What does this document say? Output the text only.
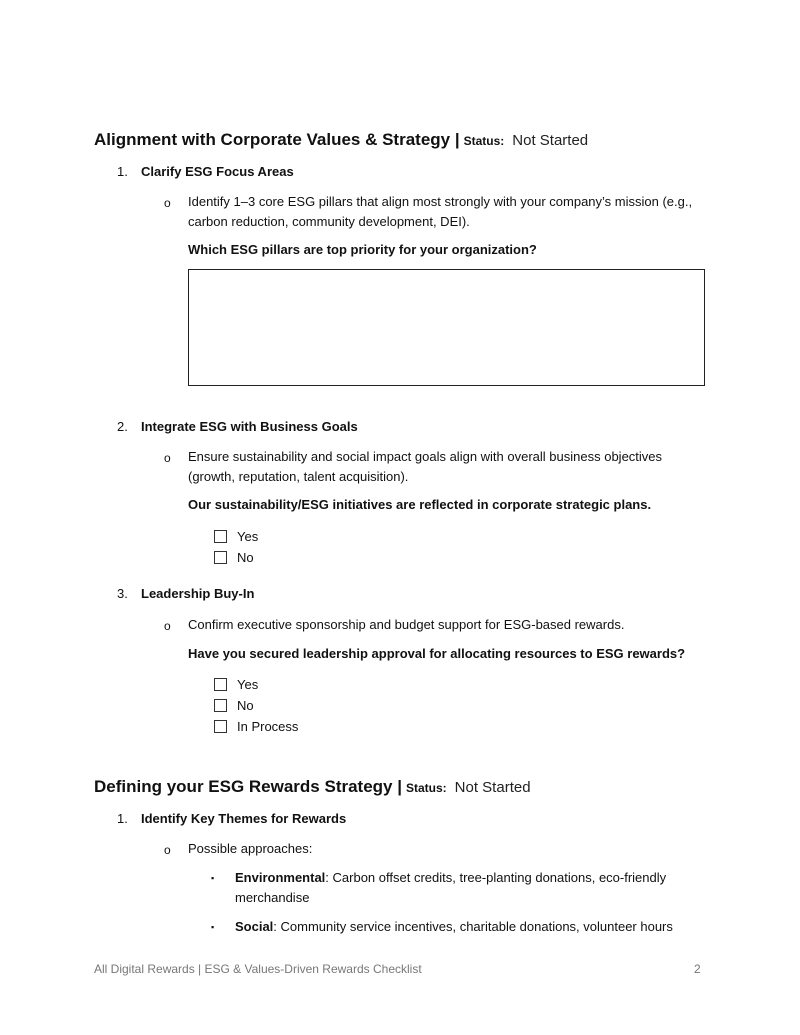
Alignment with Corporate Values & Strategy | Status: Not Started
1. Clarify ESG Focus Areas
o Identify 1–3 core ESG pillars that align most strongly with your company’s mission (e.g., carbon reduction, community development, DEI).
Which ESG pillars are top priority for your organization?
2. Integrate ESG with Business Goals
o Ensure sustainability and social impact goals align with overall business objectives (growth, reputation, talent acquisition).
Our sustainability/ESG initiatives are reflected in corporate strategic plans.
Yes
No
3. Leadership Buy-In
o Confirm executive sponsorship and budget support for ESG-based rewards.
Have you secured leadership approval for allocating resources to ESG rewards?
Yes
No
In Process
Defining your ESG Rewards Strategy | Status: Not Started
1. Identify Key Themes for Rewards
o Possible approaches:
▪ Environmental: Carbon offset credits, tree-planting donations, eco-friendly merchandise
▪ Social: Community service incentives, charitable donations, volunteer hours
All Digital Rewards | ESG & Values-Driven Rewards Checklist	2
